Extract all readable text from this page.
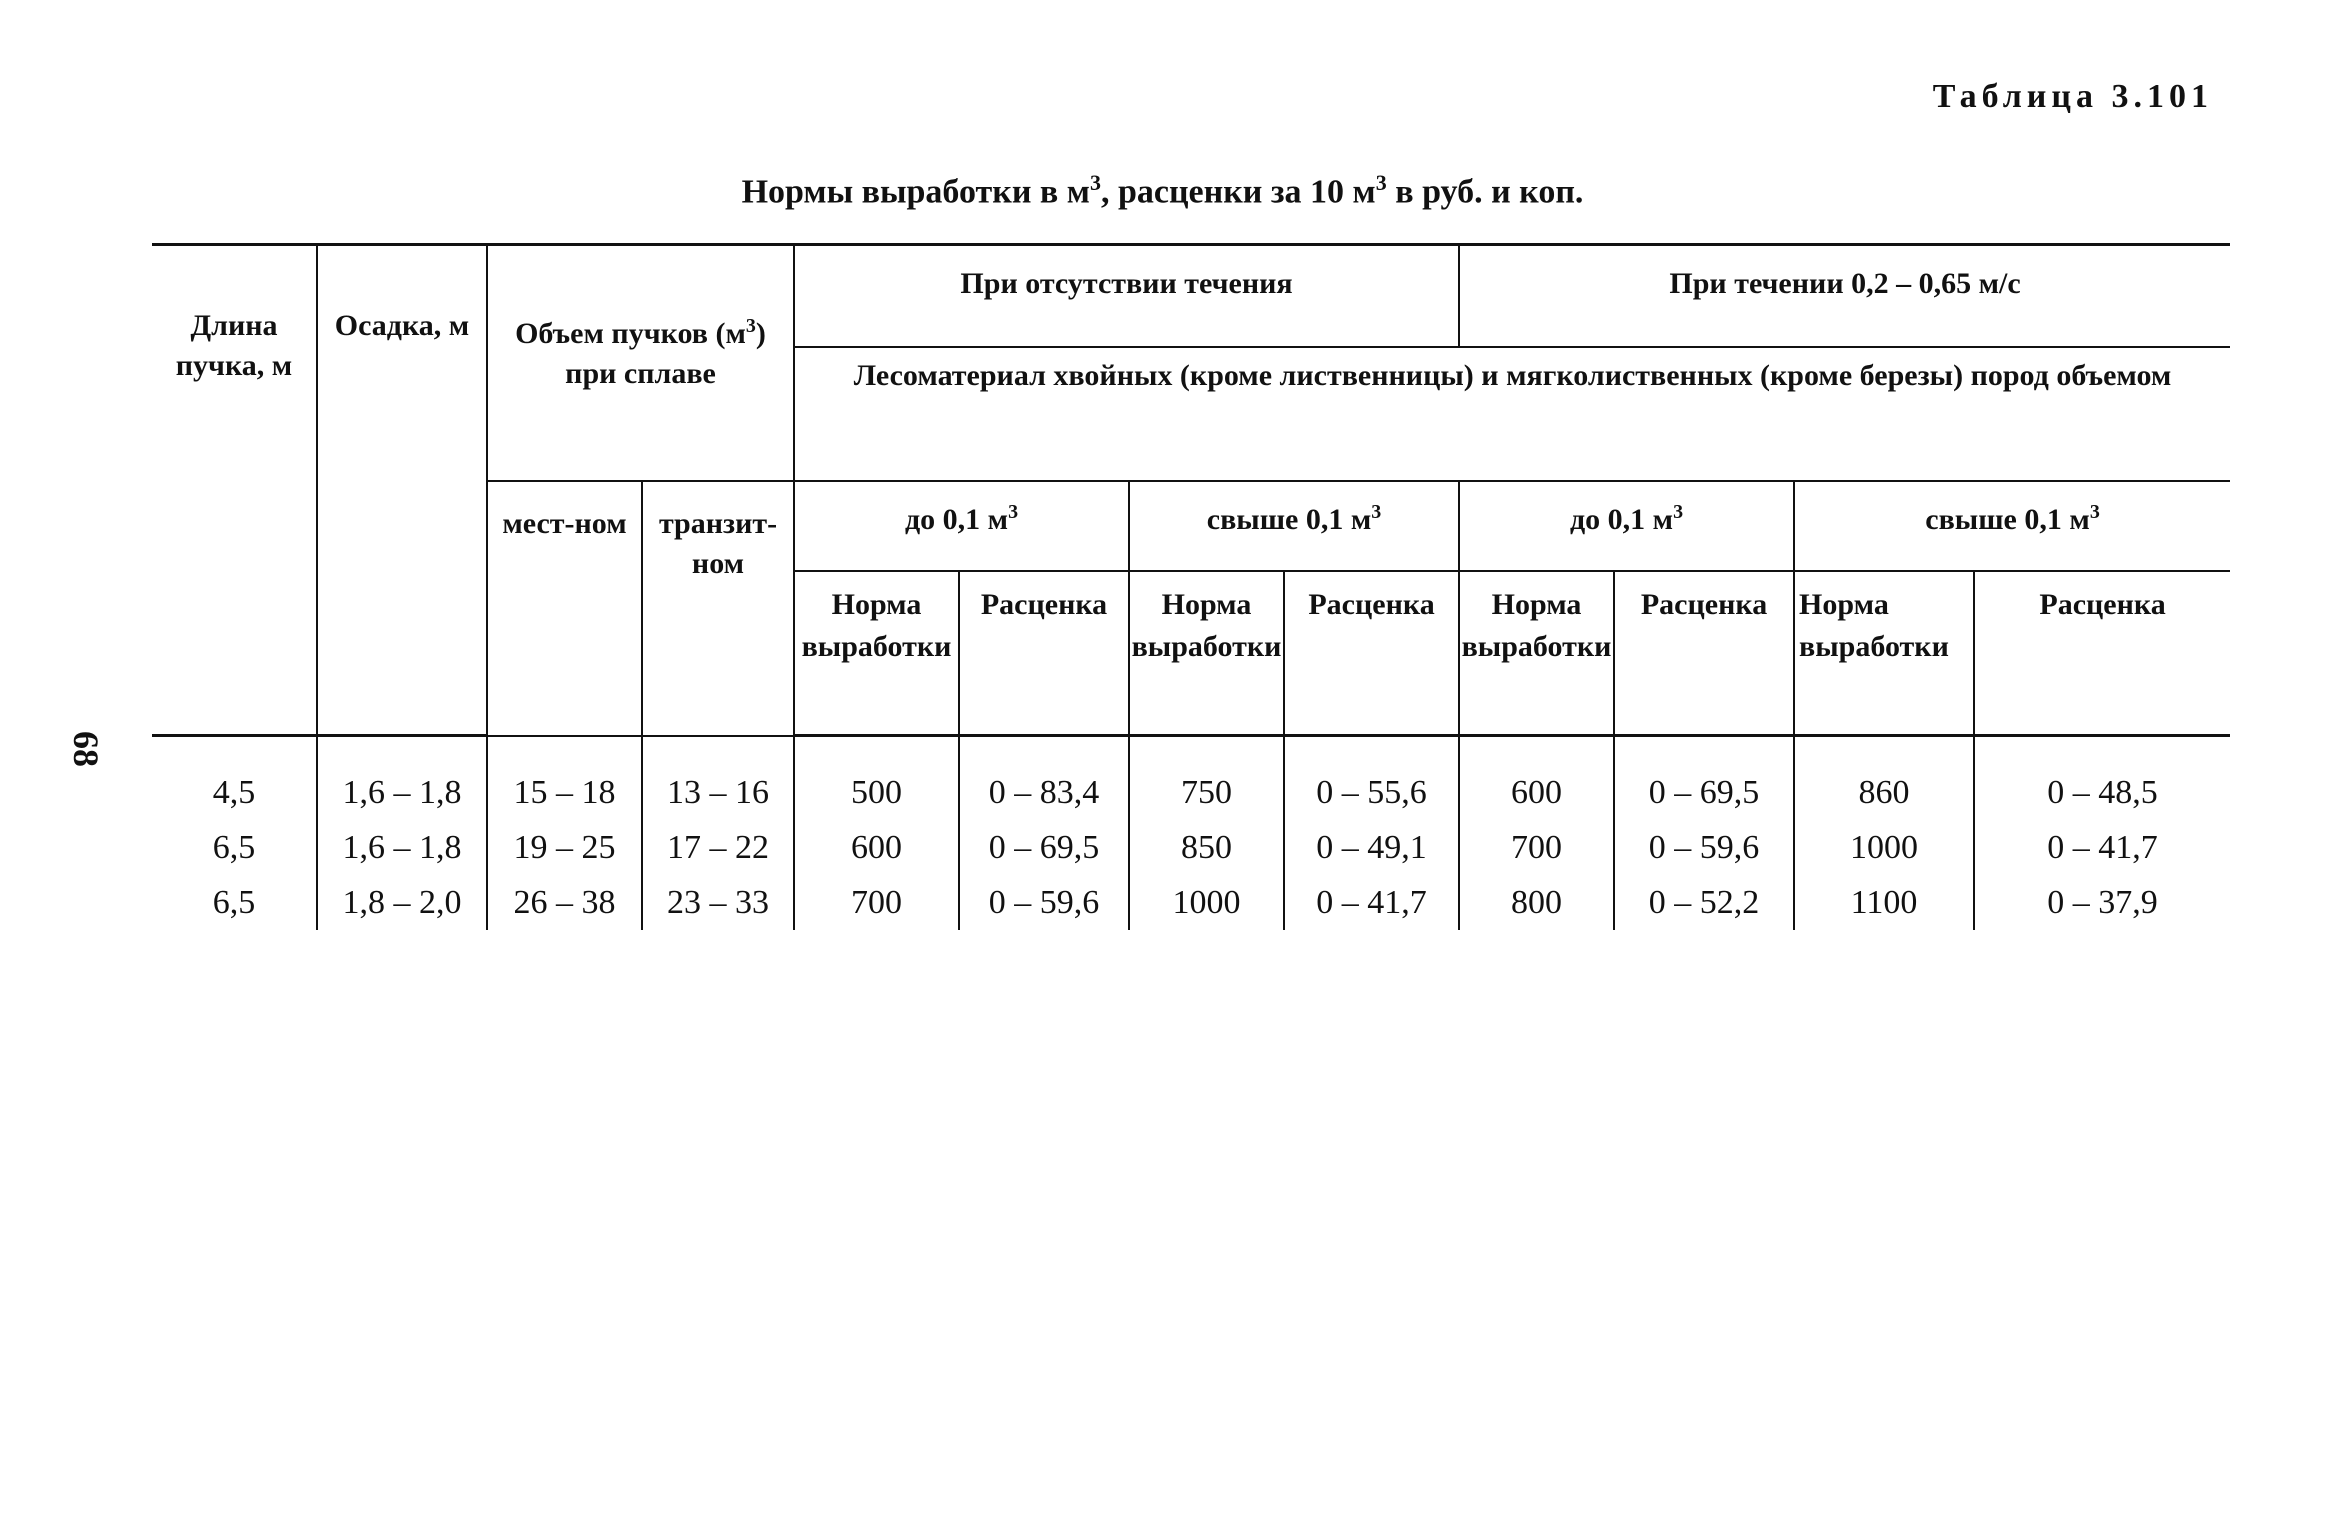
68
Таблица 3.101
Нормы выработки в $м^3$, расценки за 10 $м^3$ в руб. и коп.
Длина пучка, м	Осадка, м	Объем пучков $(м^3)$ при сплаве		При отсутствии течения				При течении 0,2 – 0,65 м/с			
				Лесоматериал хвойных (кроме лиственницы) и мягколиственных (кроме березы) пород объемом							
		мест-ном	транзит-ном	до 0,1 $м^3$		свыше 0,1 $м^3$		до 0,1 $м^3$		свыше 0,1 $м^3$
				Норма выработки	Расценка	Норма выработки	Расценка	Норма выработки	Расценка	Норма выработки	Расценка
4,5	1,6 – 1,8	15 – 18	13 – 16	500	0 – 83,4	750	0 – 55,6	600	0 – 69,5	860	0 – 48,5
6,5	1,6 – 1,8	19 – 25	17 – 22	600	0 – 69,5	850	0 – 49,1	700	0 – 59,6	1000	0 – 41,7
6,5	1,8 – 2,0	26 – 38	23 – 33	700	0 – 59,6	1000	0 – 41,7	800	0 – 52,2	1100	0 – 37,9
